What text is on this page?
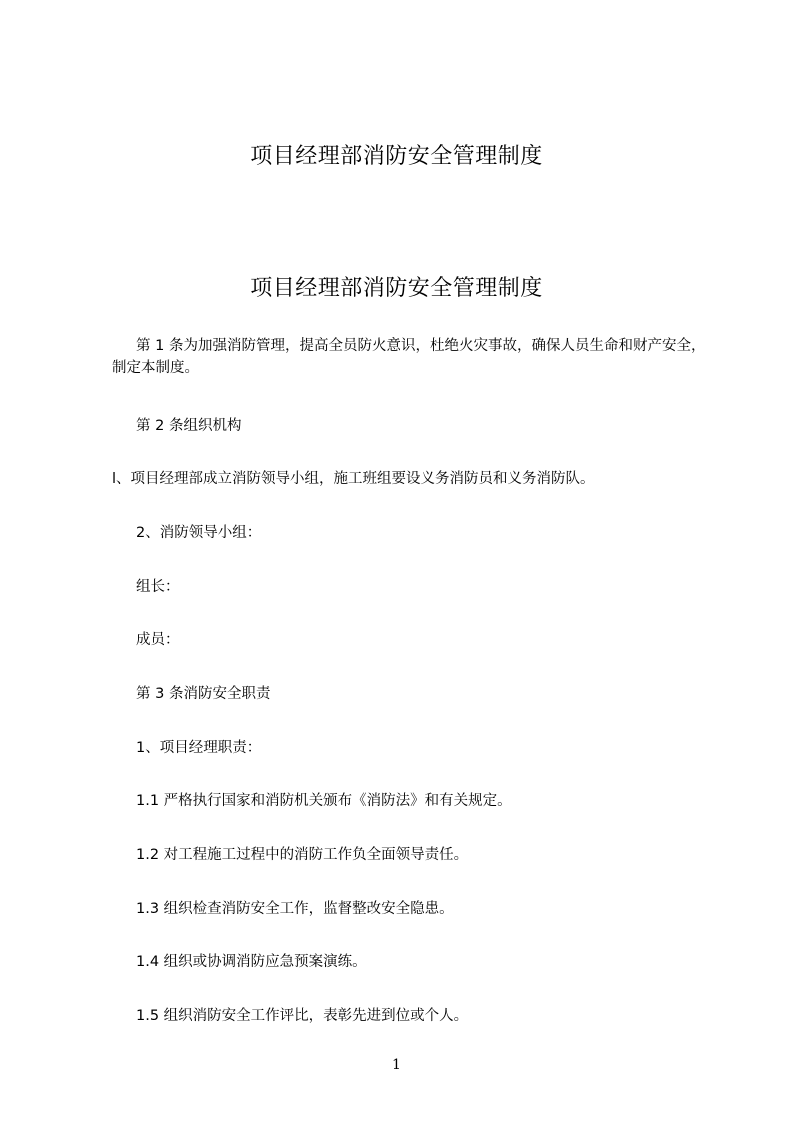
项目经理部消防安全管理制度
项目经理部消防安全管理制度

第 1 条为加强消防管理，提高全员防火意识，杜绝火灾事故，确保人员生命和财产安全，制定本制度。

第 2 条组织机构

l、项目经理部成立消防领导小组，施工班组要设义务消防员和义务消防队。

2、消防领导小组：

组长：

成员：

第 3 条消防安全职责

1、项目经理职责：

1.1 严格执行国家和消防机关颁布《消防法》和有关规定。

1.2 对工程施工过程中的消防工作负全面领导责任。

1.3 组织检查消防安全工作，监督整改安全隐患。

1.4 组织或协调消防应急预案演练。

1.5 组织消防安全工作评比，表彰先进到位或个人。

1
